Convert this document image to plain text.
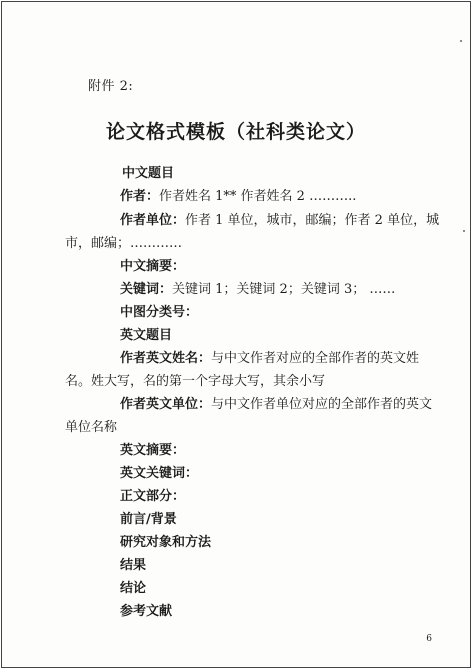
附件 2:
论文格式模板（社科类论文）
中文题目
作者：作者姓名 1** 作者姓名 2 ………..
作者单位：作者 1 单位，城市，邮编；作者 2 单位，城
市，邮编；…………
中文摘要：
关键词：关键词 1；关键词 2；关键词 3； ……
中图分类号：
英文题目
作者英文姓名：与中文作者对应的全部作者的英文姓
名。姓大写，名的第一个字母大写，其余小写
作者英文单位：与中文作者单位对应的全部作者的英文
单位名称
英文摘要：
英文关键词：
正文部分：
前言/背景
研究对象和方法
结果
结论
参考文献
6
